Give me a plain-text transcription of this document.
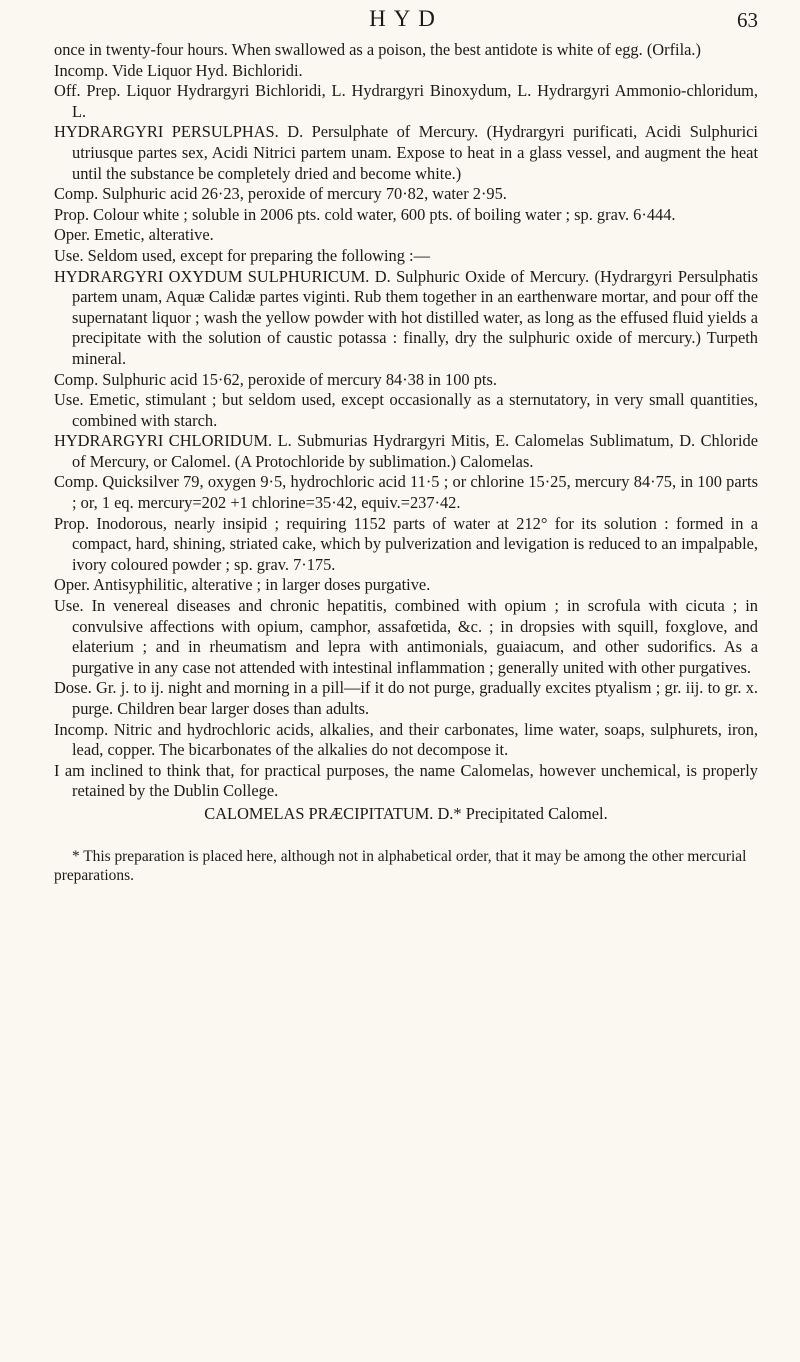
HYD	63

once in twenty-four hours. When swallowed as a poison, the best antidote is white of egg. (Orfila.)

Incomp. Vide Liquor Hyd. Bichloridi.

Off. Prep. Liquor Hydrargyri Bichloridi, L. Hydrargyri Binoxydum, L. Hydrargyri Ammonio-chloridum, L.

HYDRARGYRI PERSULPHAS. D. Persulphate of Mercury. (Hydrargyri purificati, Acidi Sulphurici utriusque partes sex, Acidi Nitrici partem unam. Expose to heat in a glass vessel, and augment the heat until the substance be completely dried and become white.)

Comp. Sulphuric acid 26·23, peroxide of mercury 70·82, water 2·95.

Prop. Colour white ; soluble in 2006 pts. cold water, 600 pts. of boiling water ; sp. grav. 6·444.

Oper. Emetic, alterative.

Use. Seldom used, except for preparing the following :—

HYDRARGYRI OXYDUM SULPHURICUM. D. Sulphuric Oxide of Mercury. (Hydrargyri Persulphatis partem unam, Aquæ Calidæ partes viginti. Rub them together in an earthenware mortar, and pour off the supernatant liquor ; wash the yellow powder with hot distilled water, as long as the effused fluid yields a precipitate with the solution of caustic potassa : finally, dry the sulphuric oxide of mercury.) Turpeth mineral.

Comp. Sulphuric acid 15·62, peroxide of mercury 84·38 in 100 pts.

Use. Emetic, stimulant ; but seldom used, except occasionally as a sternutatory, in very small quantities, combined with starch.

HYDRARGYRI CHLORIDUM. L. Submurias Hydrargyri Mitis, E. Calomelas Sublimatum, D. Chloride of Mercury, or Calomel. (A Protochloride by sublimation.) Calomelas.

Comp. Quicksilver 79, oxygen 9·5, hydrochloric acid 11·5 ; or chlorine 15·25, mercury 84·75, in 100 parts ; or, 1 eq. mercury=202 +1 chlorine=35·42, equiv.=237·42.

Prop. Inodorous, nearly insipid ; requiring 1152 parts of water at 212° for its solution : formed in a compact, hard, shining, striated cake, which by pulverization and levigation is reduced to an impalpable, ivory coloured powder ; sp. grav. 7·175.

Oper. Antisyphilitic, alterative ; in larger doses purgative.

Use. In venereal diseases and chronic hepatitis, combined with opium ; in scrofula with cicuta ; in convulsive affections with opium, camphor, assafœtida, &c. ; in dropsies with squill, foxglove, and elaterium ; and in rheumatism and lepra with antimonials, guaiacum, and other sudorifics. As a purgative in any case not attended with intestinal inflammation ; generally united with other purgatives.

Dose. Gr. j. to ij. night and morning in a pill—if it do not purge, gradually excites ptyalism ; gr. iij. to gr. x. purge. Children bear larger doses than adults.

Incomp. Nitric and hydrochloric acids, alkalies, and their carbonates, lime water, soaps, sulphurets, iron, lead, copper. The bicarbonates of the alkalies do not decompose it.

I am inclined to think that, for practical purposes, the name Calomelas, however unchemical, is properly retained by the Dublin College.

CALOMELAS PRÆCIPITATUM. D.* Precipitated Calomel.

* This preparation is placed here, although not in alphabetical order, that it may be among the other mercurial preparations.
